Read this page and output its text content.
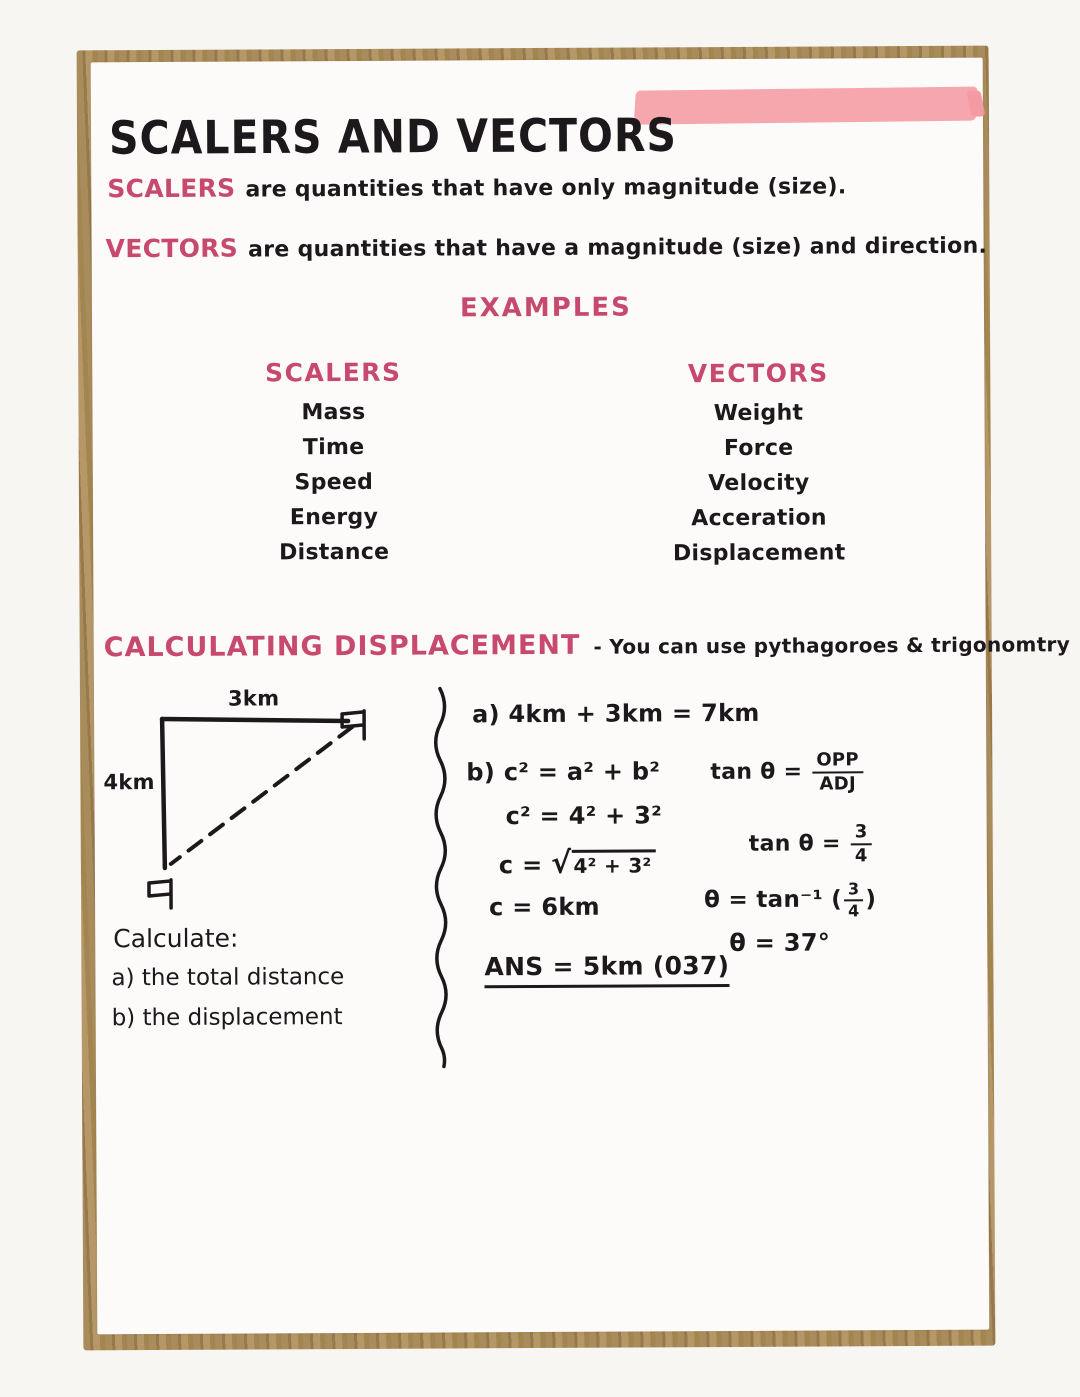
SCALERS AND VECTORS
SCALERS are quantities that have only magnitude (size).
VECTORS are quantities that have a magnitude (size) and direction.
EXAMPLES
SCALERS
Mass
Time
Speed
Energy
Distance
VECTORS
Weight
Force
Velocity
Acceration
Displacement
CALCULATING DISPLACEMENT - You can use pythagoroes & trigonomtry
3km
4km
Calculate:
a) the total distance
b) the displacement
a) 4km + 3km = 7km
b) c² = a² + b²
c² = 4² + 3²
c = √4² + 3²
c = 6km
ANS = 5km (037)
$\tan \theta = \frac{\text{OPP}}{\text{ADJ}}$
$\tan \theta = \frac{3}{4}$
θ = tan⁻¹ ( $\frac{3}{4}$ )
θ = 37°
